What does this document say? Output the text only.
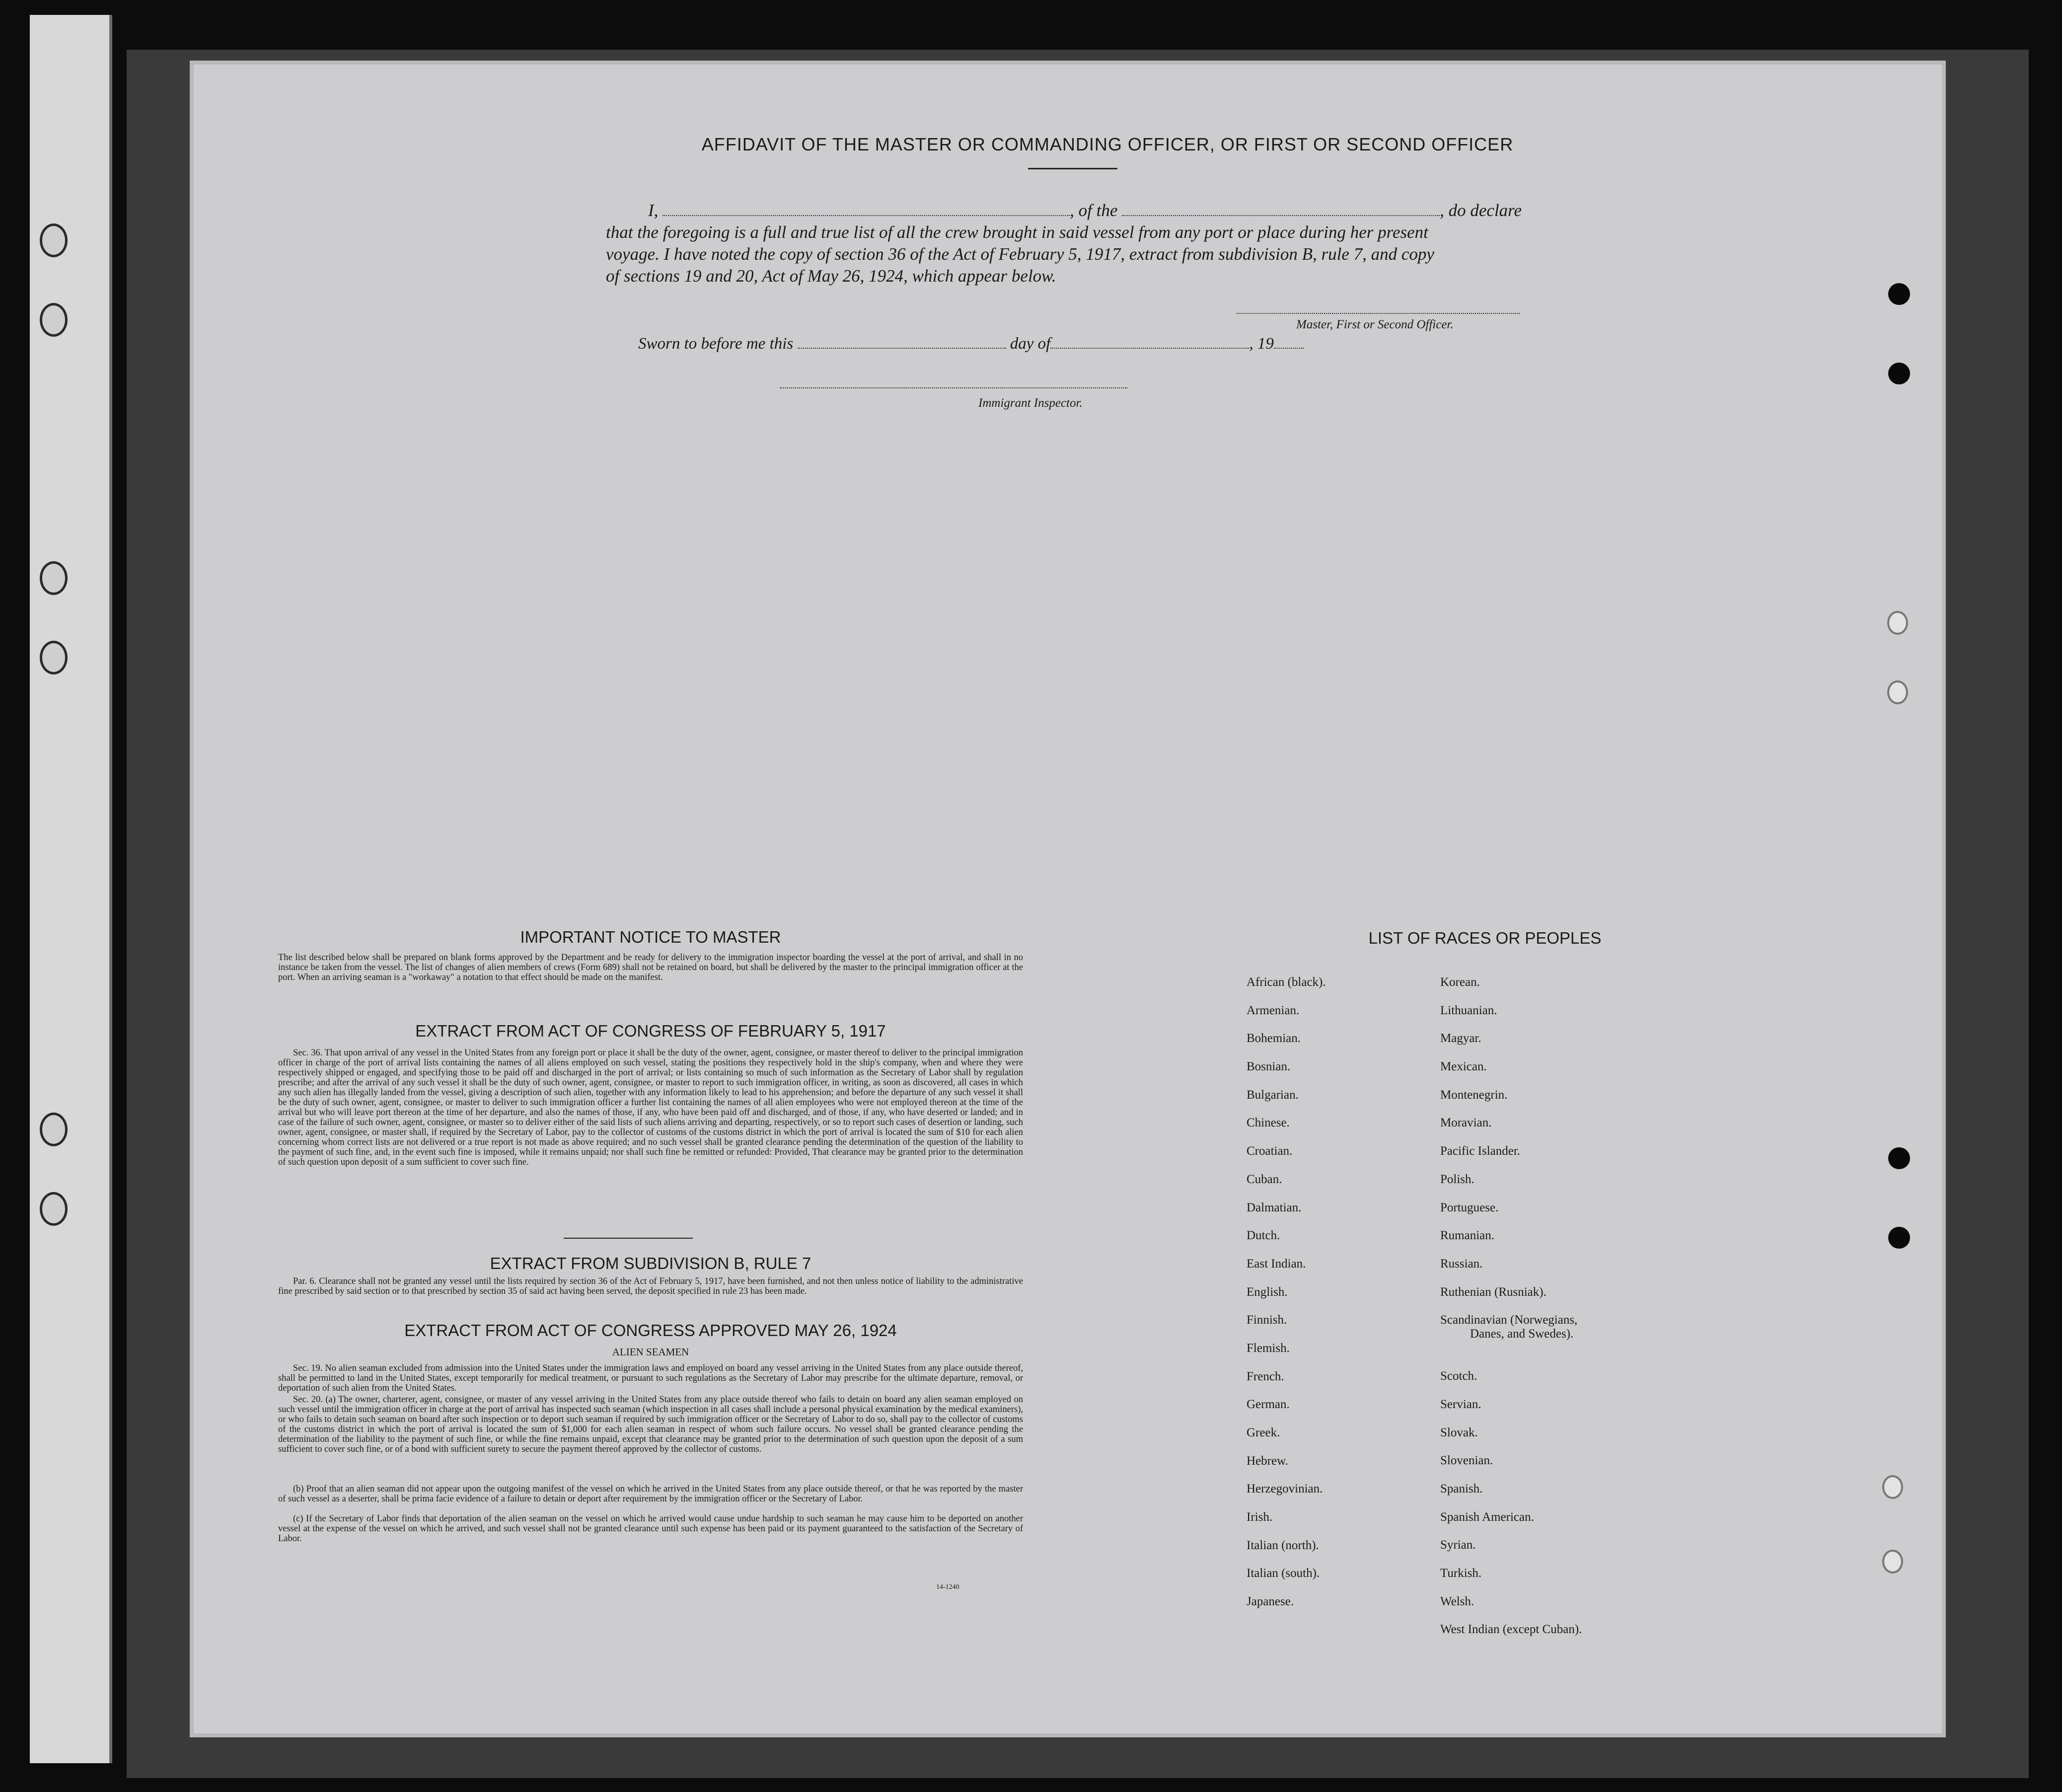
AFFIDAVIT OF THE MASTER OR COMMANDING OFFICER, OR FIRST OR SECOND OFFICER
I,	, of the	, do declare
that the foregoing is a full and true list of all the crew brought in said vessel from any port or place during her present
voyage. I have noted the copy of section 36 of the Act of February 5, 1917, extract from subdivision B, rule 7, and copy
of sections 19 and 20, Act of May 26, 1924, which appear below.
Master, First or Second Officer.
Sworn to before me this	day of	, 19
Immigrant Inspector.
IMPORTANT NOTICE TO MASTER
The list described below shall be prepared on blank forms approved by the Department and be ready for delivery to the immigration inspector boarding the vessel at the port of arrival, and shall in no instance be taken from the vessel. The list of changes of alien members of crews (Form 689) shall not be retained on board, but shall be delivered by the master to the principal immigration officer at the port. When an arriving seaman is a "workaway" a notation to that effect should be made on the manifest.
EXTRACT FROM ACT OF CONGRESS OF FEBRUARY 5, 1917
Sec. 36. That upon arrival of any vessel in the United States from any foreign port or place it shall be the duty of the owner, agent, consignee, or master thereof to deliver to the principal immigration officer in charge of the port of arrival lists containing the names of all aliens employed on such vessel, stating the positions they respectively hold in the ship's company, when and where they were respectively shipped or engaged, and specifying those to be paid off and discharged in the port of arrival; or lists containing so much of such information as the Secretary of Labor shall by regulation prescribe; and after the arrival of any such vessel it shall be the duty of such owner, agent, consignee, or master to report to such immigration officer, in writing, as soon as discovered, all cases in which any such alien has illegally landed from the vessel, giving a description of such alien, together with any information likely to lead to his apprehension; and before the departure of any such vessel it shall be the duty of such owner, agent, consignee, or master to deliver to such immigration officer a further list containing the names of all alien employees who were not employed thereon at the time of the arrival but who will leave port thereon at the time of her departure, and also the names of those, if any, who have been paid off and discharged, and of those, if any, who have deserted or landed; and in case of the failure of such owner, agent, consignee, or master so to deliver either of the said lists of such aliens arriving and departing, respectively, or so to report such cases of desertion or landing, such owner, agent, consignee, or master shall, if required by the Secretary of Labor, pay to the collector of customs of the customs district in which the port of arrival is located the sum of $10 for each alien concerning whom correct lists are not delivered or a true report is not made as above required; and no such vessel shall be granted clearance pending the determination of the question of the liability to the payment of such fine, and, in the event such fine is imposed, while it remains unpaid; nor shall such fine be remitted or refunded: Provided, That clearance may be granted prior to the determination of such question upon deposit of a sum sufficient to cover such fine.
EXTRACT FROM SUBDIVISION B, RULE 7
Par. 6. Clearance shall not be granted any vessel until the lists required by section 36 of the Act of February 5, 1917, have been furnished, and not then unless notice of liability to the administrative fine prescribed by said section or to that prescribed by section 35 of said act having been served, the deposit specified in rule 23 has been made.
EXTRACT FROM ACT OF CONGRESS APPROVED MAY 26, 1924
ALIEN SEAMEN
Sec. 19. No alien seaman excluded from admission into the United States under the immigration laws and employed on board any vessel arriving in the United States from any place outside thereof, shall be permitted to land in the United States, except temporarily for medical treatment, or pursuant to such regulations as the Secretary of Labor may prescribe for the ultimate departure, removal, or deportation of such alien from the United States.
Sec. 20. (a) The owner, charterer, agent, consignee, or master of any vessel arriving in the United States from any place outside thereof who fails to detain on board any alien seaman employed on such vessel until the immigration officer in charge at the port of arrival has inspected such seaman (which inspection in all cases shall include a personal physical examination by the medical examiners), or who fails to detain such seaman on board after such inspection or to deport such seaman if required by such immigration officer or the Secretary of Labor to do so, shall pay to the collector of customs of the customs district in which the port of arrival is located the sum of $1,000 for each alien seaman in respect of whom such failure occurs. No vessel shall be granted clearance pending the determination of the liability to the payment of such fine, or while the fine remains unpaid, except that clearance may be granted prior to the determination of such question upon the deposit of a sum sufficient to cover such fine, or of a bond with sufficient surety to secure the payment thereof approved by the collector of customs.
(b) Proof that an alien seaman did not appear upon the outgoing manifest of the vessel on which he arrived in the United States from any place outside thereof, or that he was reported by the master of such vessel as a deserter, shall be prima facie evidence of a failure to detain or deport after requirement by the immigration officer or the Secretary of Labor.
(c) If the Secretary of Labor finds that deportation of the alien seaman on the vessel on which he arrived would cause undue hardship to such seaman he may cause him to be deported on another vessel at the expense of the vessel on which he arrived, and such vessel shall not be granted clearance until such expense has been paid or its payment guaranteed to the satisfaction of the Secretary of Labor.
14-1240
LIST OF RACES OR PEOPLES
African (black).
Armenian.
Bohemian.
Bosnian.
Bulgarian.
Chinese.
Croatian.
Cuban.
Dalmatian.
Dutch.
East Indian.
English.
Finnish.
Flemish.
French.
German.
Greek.
Hebrew.
Herzegovinian.
Irish.
Italian (north).
Italian (south).
Japanese.
Korean.
Lithuanian.
Magyar.
Mexican.
Montenegrin.
Moravian.
Pacific Islander.
Polish.
Portuguese.
Rumanian.
Russian.
Ruthenian (Rusniak).
Scandinavian (Norwegians,
Danes, and Swedes).
Scotch.
Servian.
Slovak.
Slovenian.
Spanish.
Spanish American.
Syrian.
Turkish.
Welsh.
West Indian (except Cuban).
